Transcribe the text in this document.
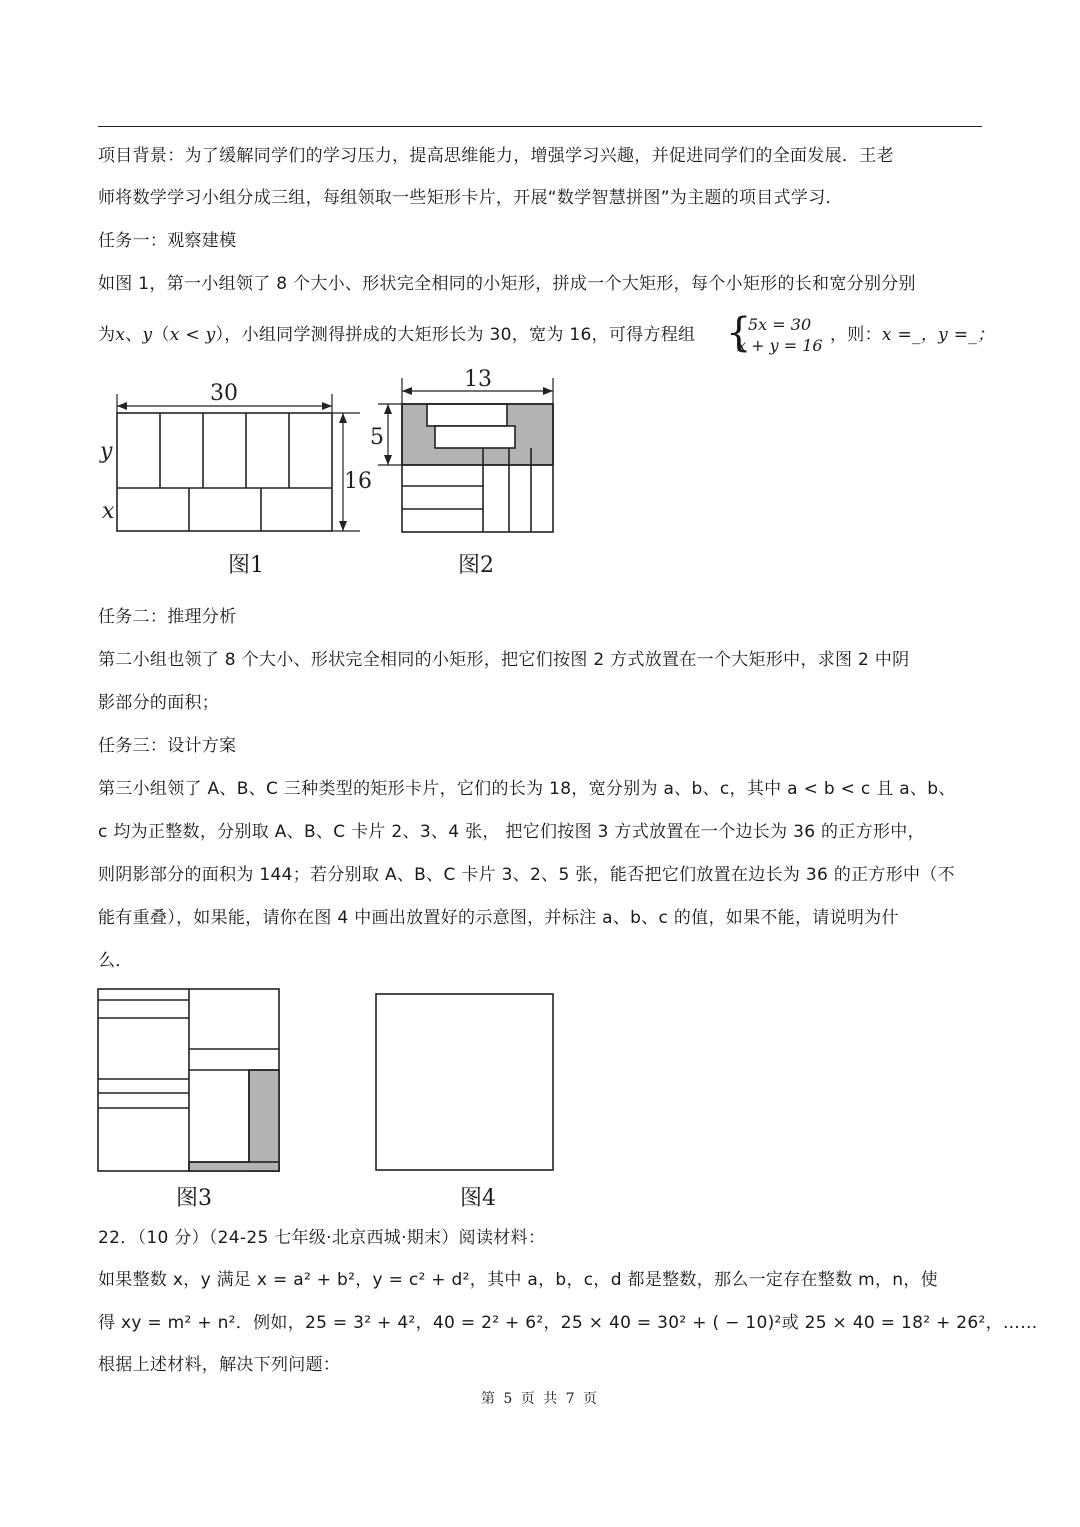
项目背景：为了缓解同学们的学习压力，提高思维能力，增强学习兴趣，并促进同学们的全面发展．王老
师将数学学习小组分成三组，每组领取一些矩形卡片，开展“数学智慧拼图”为主题的项目式学习．
任务一：观察建模
如图 1，第一小组领了 8 个大小、形状完全相同的小矩形，拼成一个大矩形，每个小矩形的长和宽分别分别
为x、y（x < y），小组同学测得拼成的大矩形长为 30，宽为 16，可得方程组 {
5x = 30
x + y = 16
，则：x =_，y =_；
30
16
y
x
图1
13
5
图2
任务二：推理分析
第二小组也领了 8 个大小、形状完全相同的小矩形，把它们按图 2 方式放置在一个大矩形中，求图 2 中阴
影部分的面积；
任务三：设计方案
第三小组领了 A、B、C 三种类型的矩形卡片，它们的长为 18，宽分别为 a、b、c，其中 a < b < c 且 a、b、
c 均为正整数，分别取 A、B、C 卡片 2、3、4 张， 把它们按图 3 方式放置在一个边长为 36 的正方形中，
则阴影部分的面积为 144；若分别取 A、B、C 卡片 3、2、5 张，能否把它们放置在边长为 36 的正方形中（不
能有重叠），如果能，请你在图 4 中画出放置好的示意图，并标注 a、b、c 的值，如果不能，请说明为什
么．
图3	图4
22．（10 分）（24-25 七年级·北京西城·期末）阅读材料：
如果整数 x，y 满足 x = a² + b²，y = c² + d²，其中 a，b，c，d 都是整数，那么一定存在整数 m，n，使
得 xy = m² + n²．例如，25 = 3² + 4²，40 = 2² + 6²，25 × 40 = 30² + ( − 10)²或 25 × 40 = 18² + 26²，……
根据上述材料，解决下列问题：
第 5 页 共 7 页
